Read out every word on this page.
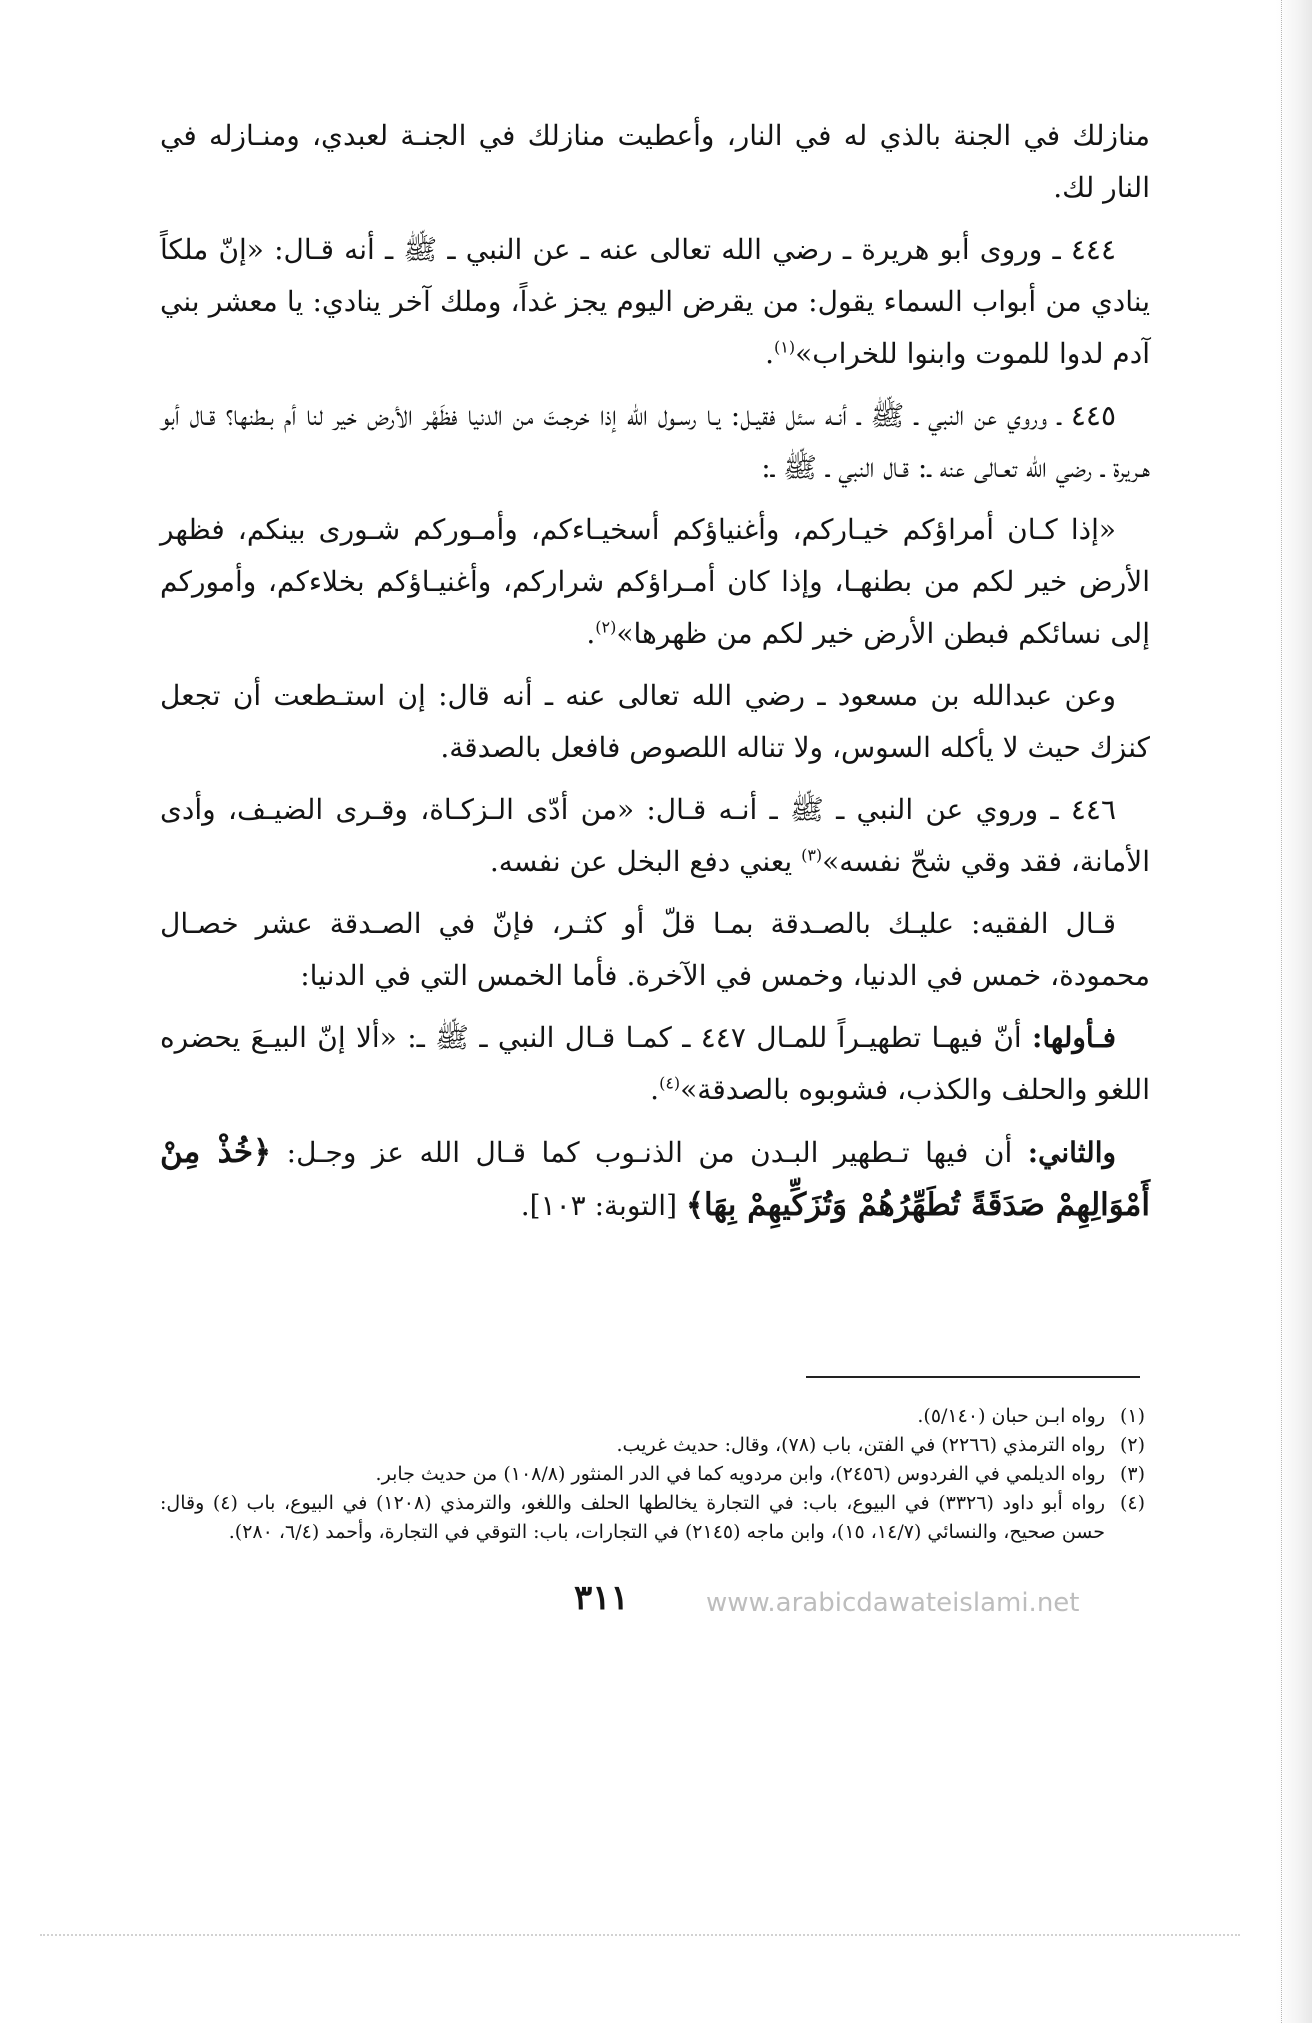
منازلك في الجنة بالذي له في النار، وأعطيت منازلك في الجنـة لعبدي، ومنـازله في النار لك.

٤٤٤ ـ وروى أبو هريرة ـ رضي الله تعالى عنه ـ عن النبي ـ ﷺ ـ أنه قـال: «إنّ ملكاً ينادي من أبواب السماء يقول: من يقرض اليوم يجز غداً، وملك آخر ينادي: يا معشر بني آدم لدوا للموت وابنوا للخراب»$^{(١)}$.

٤٤٥ ـ وروي عن النبي ـ ﷺ ـ أنـه سئل فقيـل: يـا رسـول الله إذا خرجـتَ من الدنيا فظَهْر الأرض خير لنا أم بـطنها؟ قـال أبو هـريرة ـ رضي الله تعـالى عنه ـ: قـال النبي ـ ﷺ ـ:

«إذا كـان أمراؤكم خيـاركم، وأغنياؤكم أسخيـاءكم، وأمـوركم شـورى بينكم، فظهر الأرض خير لكم من بطنهـا، وإذا كان أمـراؤكم شراركم، وأغنيـاؤكم بخلاءكم، وأموركم إلى نسائكم فبطن الأرض خير لكم من ظهرها»$^{(٢)}$.

وعن عبدالله بن مسعود ـ رضي الله تعالى عنه ـ أنه قال: إن استـطعت أن تجعل كنزك حيث لا يأكله السوس، ولا تناله اللصوص فافعل بالصدقة.

٤٤٦ ـ وروي عن النبي ـ ﷺ ـ أنـه قـال: «من أدّى الـزكـاة، وقـرى الضيـف، وأدى الأمانة، فقد وقي شحّ نفسه»$^{(٣)}$ يعني دفع البخل عن نفسه.

قـال الفقيه: عليـك بالصـدقة بمـا قلّ أو كثـر، فإنّ في الصـدقة عشر خصـال محمودة، خمس في الدنيا، وخمس في الآخرة. فأما الخمس التي في الدنيا:

فـأولها: أنّ فيهـا تطهيـراً للمـال ٤٤٧ ـ كمـا قـال النبي ـ ﷺ ـ: «ألا إنّ البيـعَ يحضره اللغو والحلف والكذب، فشوبوه بالصدقة»$^{(٤)}$.

والثاني: أن فيها تـطهير البـدن من الذنـوب كما قـال الله عز وجـل: ﴿خُذْ مِنْ أَمْوَالِهِمْ صَدَقَةً تُطَهِّرُهُمْ وَتُزَكِّيهِمْ بِهَا﴾ [التوبة: ١٠٣].

(١)
رواه ابـن حبان (٥/١٤٠).
(٢)
رواه الترمذي (٢٢٦٦) في الفتن، باب (٧٨)، وقال: حديث غريب.
(٣)
رواه الديلمي في الفردوس (٢٤٥٦)، وابن مردويه كما في الدر المنثور (١٠٨/٨) من حديث جابر.
(٤)
رواه أبو داود (٣٣٢٦) في البيوع، باب: في التجارة يخالطها الحلف واللغو، والترمذي (١٢٠٨) في البيوع، باب (٤) وقال: حسن صحيح، والنسائي (١٤/٧، ١٥)، وابن ماجه (٢١٤٥) في التجارات، باب: التوقي في التجارة، وأحمد (٦/٤، ٢٨٠).
٣١١	www.arabicdawateislami.net
